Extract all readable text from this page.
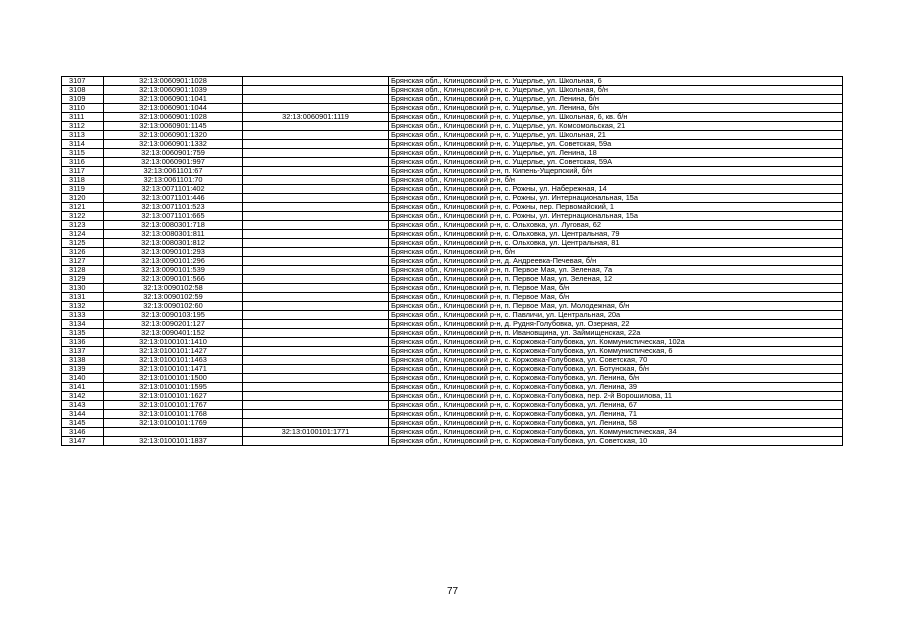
3107	32:13:0060901:1028		Брянская обл., Клинцовский р-н, с. Ущерлье, ул. Школьная, 6
3108	32:13:0060901:1039		Брянская обл., Клинцовский р-н, с. Ущерлье, ул. Школьная, б/н
3109	32:13:0060901:1041		Брянская обл., Клинцовский р-н, с. Ущерлье, ул. Ленина, б/н
3110	32:13:0060901:1044		Брянская обл., Клинцовский р-н, с. Ущерлье, ул. Ленина, б/н
3111	32:13:0060901:1028	32:13:0060901:1119	Брянская обл., Клинцовский р-н, с. Ущерлье, ул. Школьная, 6, кв. б/н
3112	32:13:0060901:1145		Брянская обл., Клинцовский р-н, с. Ущерлье, ул. Комсомольская, 21
3113	32:13:0060901:1320		Брянская обл., Клинцовский р-н, с. Ущерлье, ул. Школьная, 21
3114	32:13:0060901:1332		Брянская обл., Клинцовский р-н, с. Ущерлье, ул. Советская, 59а
3115	32:13:0060901:759		Брянская обл., Клинцовский р-н, с. Ущерлье, ул. Ленина, 18
3116	32:13:0060901:997		Брянская обл., Клинцовский р-н, с. Ущерлье, ул. Советская, 59А
3117	32:13:0061101:67		Брянская обл., Клинцовский р-н, п. Кипень-Ущерпский, б/н
3118	32:13:0061101:70		Брянская обл., Клинцовский р-н, б/н
3119	32:13:0071101:402		Брянская обл., Клинцовский р-н, с. Рожны, ул. Набережная, 14
3120	32:13:0071101:446		Брянская обл., Клинцовский р-н, с. Рожны, ул. Интернациональная, 15а
3121	32:13:0071101:523		Брянская обл., Клинцовский р-н, с. Рожны, пер. Первомайский, 1
3122	32:13:0071101:665		Брянская обл., Клинцовский р-н, с. Рожны, ул. Интернациональная, 15а
3123	32:13:0080301:718		Брянская обл., Клинцовский р-н, с. Ольховка, ул. Луговая, 62
3124	32:13:0080301:811		Брянская обл., Клинцовский р-н, с. Ольховка, ул. Центральная, 79
3125	32:13:0080301:812		Брянская обл., Клинцовский р-н, с. Ольховка, ул. Центральная, 81
3126	32:13:0090101:293		Брянская обл., Клинцовский р-н, б/н
3127	32:13:0090101:296		Брянская обл., Клинцовский р-н, д. Андреевка-Печевая, б/н
3128	32:13:0090101:539		Брянская обл., Клинцовский р-н, п. Первое Мая, ул. Зеленая, 7а
3129	32:13:0090101:566		Брянская обл., Клинцовский р-н, п. Первое Мая, ул. Зеленая, 12
3130	32:13:0090102:58		Брянская обл., Клинцовский р-н, п. Первое Мая, б/н
3131	32:13:0090102:59		Брянская обл., Клинцовский р-н, п. Первое Мая, б/н
3132	32:13:0090102:60		Брянская обл., Клинцовский р-н, п. Первое Мая, ул. Молодежная, б/н
3133	32:13:0090103:195		Брянская обл., Клинцовский р-н, с. Павличи, ул. Центральная, 20а
3134	32:13:0090201:127		Брянская обл., Клинцовский р-н, д. Рудня-Голубовка, ул. Озерная, 22
3135	32:13:0090401:152		Брянская обл., Клинцовский р-н, п. Ивановщина, ул. Займищенская, 22а
3136	32:13:0100101:1410		Брянская обл., Клинцовский р-н, с. Коржовка-Голубовка, ул. Коммунистическая, 102а
3137	32:13:0100101:1427		Брянская обл., Клинцовский р-н, с. Коржовка-Голубовка, ул. Коммунистическая, 6
3138	32:13:0100101:1463		Брянская обл., Клинцовский р-н, с. Коржовка-Голубовка, ул. Советская, 70
3139	32:13:0100101:1471		Брянская обл., Клинцовский р-н, с. Коржовка-Голубовка, ул. Ботунская, б/н
3140	32:13:0100101:1500		Брянская обл., Клинцовский р-н, с. Коржовка-Голубовка, ул. Ленина, б/н
3141	32:13:0100101:1595		Брянская обл., Клинцовский р-н, с. Коржовка-Голубовка, ул. Ленина, 39
3142	32:13:0100101:1627		Брянская обл., Клинцовский р-н, с. Коржовка-Голубовка, пер. 2-й Ворошилова, 11
3143	32:13:0100101:1767		Брянская обл., Клинцовский р-н, с. Коржовка-Голубовка, ул. Ленина, 67
3144	32:13:0100101:1768		Брянская обл., Клинцовский р-н, с. Коржовка-Голубовка, ул. Ленина, 71
3145	32:13:0100101:1769		Брянская обл., Клинцовский р-н, с. Коржовка-Голубовка, ул. Ленина, 58
3146		32:13:0100101:1771	Брянская обл., Клинцовский р-н, с. Коржовка-Голубовка, ул. Коммунистическая, 34
3147	32:13:0100101:1837		Брянская обл., Клинцовский р-н, с. Коржовка-Голубовка, ул. Советская, 10
77
